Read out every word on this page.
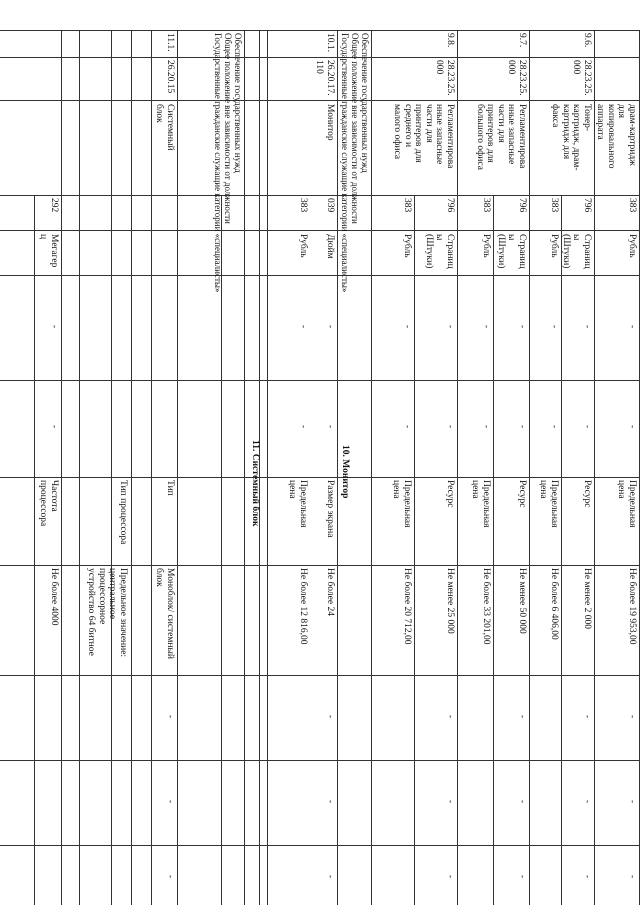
драм-картридж
для
копировального
аппарата
383
Рубль
-
-
Предельная
цена
Не более 19 953,00
-
-
-
9.6.
28.23.25.
000
Тонер-
картридж, драм-
картридж для
факса
796
Страниц
ы
(Штуки)
-
-
Ресурс
Не менее 2 000
383
Рубль
-
-
Предельная
цена
Не более 6 406,00
-
-
-
9.7.
28.23.25.
000
Регламентирова
нные запасные
части для
принтеров для
большого офиса
796
Страниц
ы
(Штуки)
-
-
Ресурс
Не менее 50 000
383
Рубль
-
-
Предельная
цена
Не более 33 201,00
-
-
-
9.8.
28.23.25.
000
Регламентирова
нные запасные
части для
принтеров для
среднего и
малого офиса
796
Страниц
ы
(Штуки)
-
-
Ресурс
Не менее 25 000
383
Рубль
-
-
Предельная
цена
Не более 20 712,00
-
-
-
10. Монитор
Обеспечение государственных нужд
Общее положение вне зависимости от должности
Государственные гражданские служащие категории «специалисты»
10.1.
26.20.17.
110
Монитор
039
Дюйм
-
-
Размер экрана
Не более 24
383
Рубль
-
-
Предельная
цена
Не более 12 816,00
-
-
-
11. Системный блок
Обеспечение государственных нужд
Общее положение вне зависимости от должности
Государственные гражданские служащие категории «специалисты»
11.1.
26.20.15
Системный
блок
Тип
Моноблок/ системный
блок
Тип процессора
Предельное значение:
центральное
процессорное
устройство 64 битное
292
Мегагер
ц
-
-
Частота
процессора
Не более 4000
-
-
-
